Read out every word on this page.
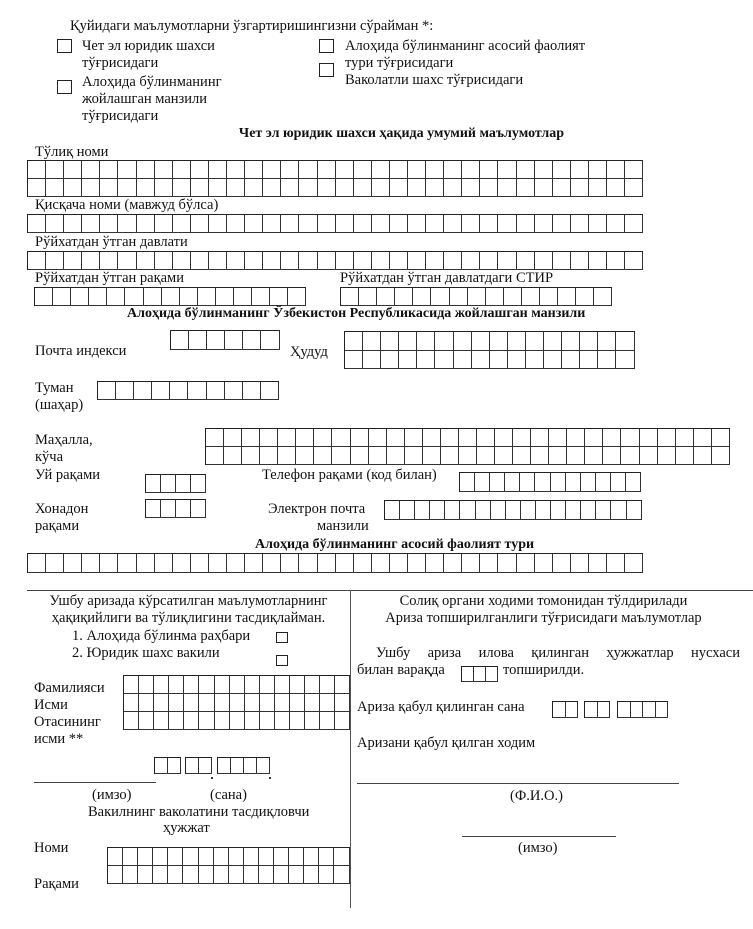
Қуйидаги маълумотларни ўзгартиришингизни сўрайман *:
Чет эл юридик шахси
тўғрисидаги
Алоҳида бўлинманинг
жойлашган манзили
тўғрисидаги
Алоҳида бўлинманинг асосий фаолият
тури тўғрисидаги
Ваколатли шахс тўғрисидаги
Чет эл юридик шахси ҳақида умумий маълумотлар
Тўлиқ номи
Қисқача номи (мавжуд бўлса)
Рўйхатдан ўтган давлати
Рўйхатдан ўтган рақами	Рўйхатдан ўтган давлатдаги СТИР
Алоҳида бўлинманинг Ўзбекистон Республикасида жойлашган манзили
Почта индекси	Ҳудуд
Туман
(шаҳар)
Маҳалла,
кўча
Уй рақами	Телефон рақами (код билан)
Хонадон
рақами
Электрон почта
манзили
Алоҳида бўлинманинг асосий фаолият тури
Ушбу аризада кўрсатилган маълумотларнинг
ҳақиқийлиги ва тўлиқлигини тасдиқлайман.
1. Алоҳида бўлинма раҳбари
2. Юридик шахс вакили
Фамилияси
Исми
Отасининг
исми **
(имзо)	(сана)
Вакилнинг ваколатини тасдиқловчи
ҳужжат
Номи
Рақами
Солиқ органи ходими томонидан тўлдирилади
Ариза топширилганлиги тўғрисидаги маълумотлар
Ушбу ариза илова қилинган ҳужжатлар нусхаси
билан варақда	топширилди.
Ариза қабул қилинган сана
Аризани қабул қилган ходим
(Ф.И.О.)
(имзо)
